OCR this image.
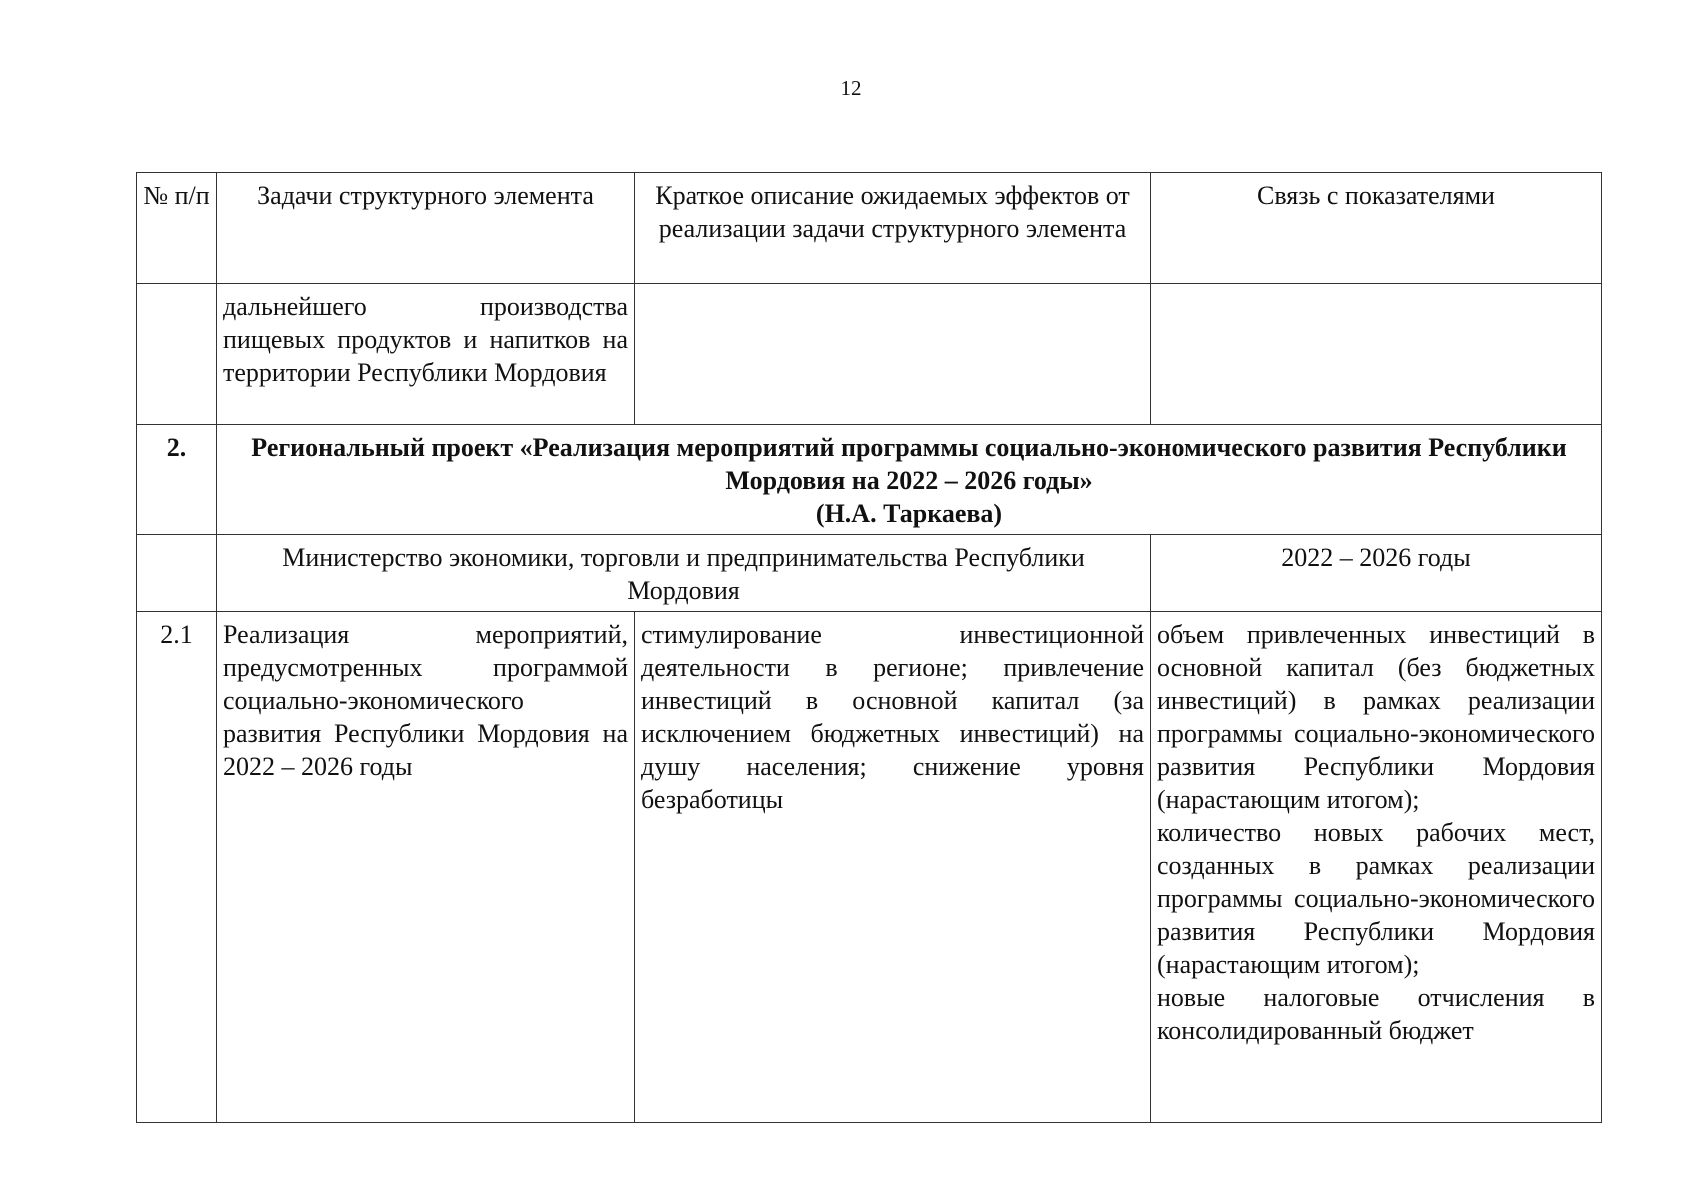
12
№ п/п	Задачи структурного элемента	Краткое описание ожидаемых эффектов от реализации задачи структурного элемента	Связь с показателями
	дальнейшего производства пищевых продуктов и напитков на территории Республики Мордовия		
2.	Региональный проект «Реализация мероприятий программы социально-экономического развития Республики Мордовия на 2022 – 2026 годы»
(Н.А. Таркаева)		

	Министерство экономики, торговли и предпринимательства Республики Мордовия		2022 – 2026 годы
2.1	Реализация мероприятий, предусмотренных программой социально-экономического развития Республики Мордовия на 2022 – 2026 годы	стимулирование инвестиционной деятельности в регионе; привлечение инвестиций в основной капитал (за исключением бюджетных инвестиций) на душу населения; снижение уровня безработицы	объем привлеченных инвестиций в основной капитал (без бюджетных инвестиций) в рамках реализации программы социально-экономического развития Республики Мордовия (нарастающим итогом);
количество новых рабочих мест, созданных в рамках реализации программы социально-экономического развития Республики Мордовия (нарастающим итогом);
новые налоговые отчисления в консолидированный бюджет
